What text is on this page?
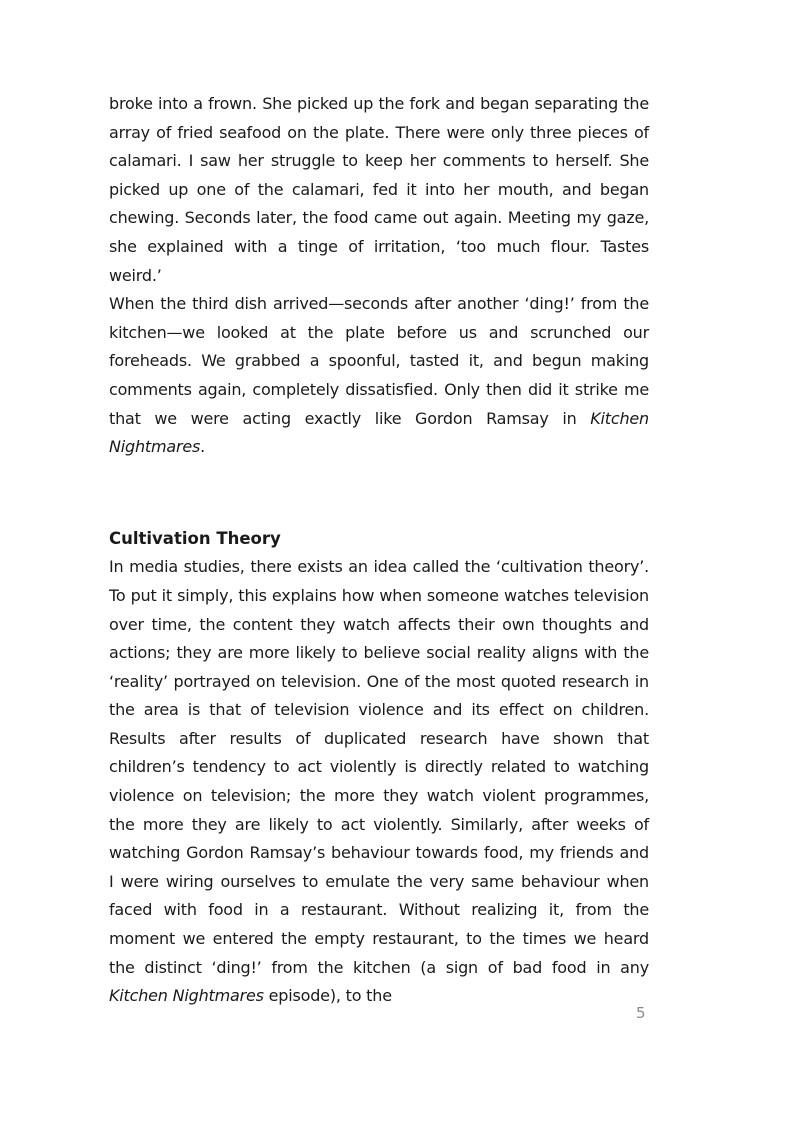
broke into a frown. She picked up the fork and began separating the array of fried seafood on the plate. There were only three pieces of calamari. I saw her struggle to keep her comments to herself. She picked up one of the calamari, fed it into her mouth, and began chewing. Seconds later, the food came out again. Meeting my gaze, she explained with a tinge of irritation, ‘too much flour. Tastes weird.’

When the third dish arrived—seconds after another ‘ding!’ from the kitchen—we looked at the plate before us and scrunched our foreheads. We grabbed a spoonful, tasted it, and begun making comments again, completely dissatisfied. Only then did it strike me that we were acting exactly like Gordon Ramsay in Kitchen Nightmares.

Cultivation Theory

In media studies, there exists an idea called the ‘cultivation theory’. To put it simply, this explains how when someone watches television over time, the content they watch affects their own thoughts and actions; they are more likely to believe social reality aligns with the ‘reality’ portrayed on television. One of the most quoted research in the area is that of television violence and its effect on children. Results after results of duplicated research have shown that children’s tendency to act violently is directly related to watching violence on television; the more they watch violent programmes, the more they are likely to act violently. Similarly, after weeks of watching Gordon Ramsay’s behaviour towards food, my friends and I were wiring ourselves to emulate the very same behaviour when faced with food in a restaurant. Without realizing it, from the moment we entered the empty restaurant, to the times we heard the distinct ‘ding!’ from the kitchen (a sign of bad food in any Kitchen Nightmares episode), to the

5
